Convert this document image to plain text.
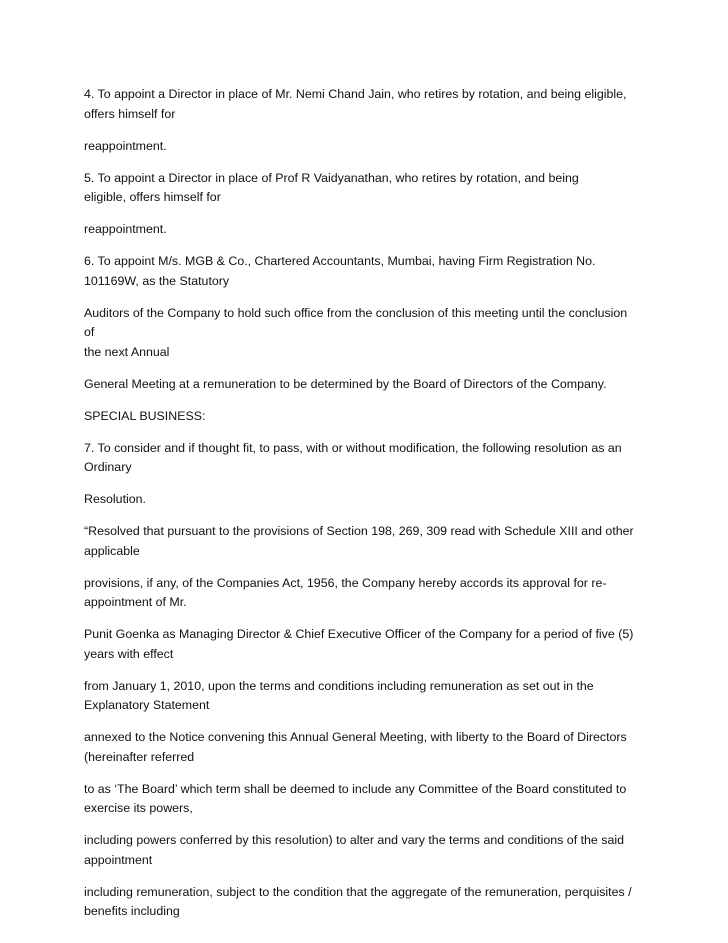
4. To appoint a Director in place of Mr. Nemi Chand Jain, who retires by rotation, and being eligible,
offers himself for

reappointment.

5. To appoint a Director in place of Prof R Vaidyanathan, who retires by rotation, and being
eligible, offers himself for

reappointment.

6. To appoint M/s. MGB & Co., Chartered Accountants, Mumbai, having Firm Registration No.
101169W, as the Statutory

Auditors of the Company to hold such office from the conclusion of this meeting until the conclusion of
the next Annual

General Meeting at a remuneration to be determined by the Board of Directors of the Company.

SPECIAL BUSINESS:

7. To consider and if thought fit, to pass, with or without modification, the following resolution as an
Ordinary

Resolution.

“Resolved that pursuant to the provisions of Section 198, 269, 309 read with Schedule XIII and other
applicable

provisions, if any, of the Companies Act, 1956, the Company hereby accords its approval for re-
appointment of Mr.

Punit Goenka as Managing Director & Chief Executive Officer of the Company for a period of five (5)
years with effect

from January 1, 2010, upon the terms and conditions including remuneration as set out in the
Explanatory Statement

annexed to the Notice convening this Annual General Meeting, with liberty to the Board of Directors
(hereinafter referred

to as ‘The Board’ which term shall be deemed to include any Committee of the Board constituted to
exercise its powers,

including powers conferred by this resolution) to alter and vary the terms and conditions of the said
appointment

including remuneration, subject to the condition that the aggregate of the remuneration, perquisites /
benefits including
